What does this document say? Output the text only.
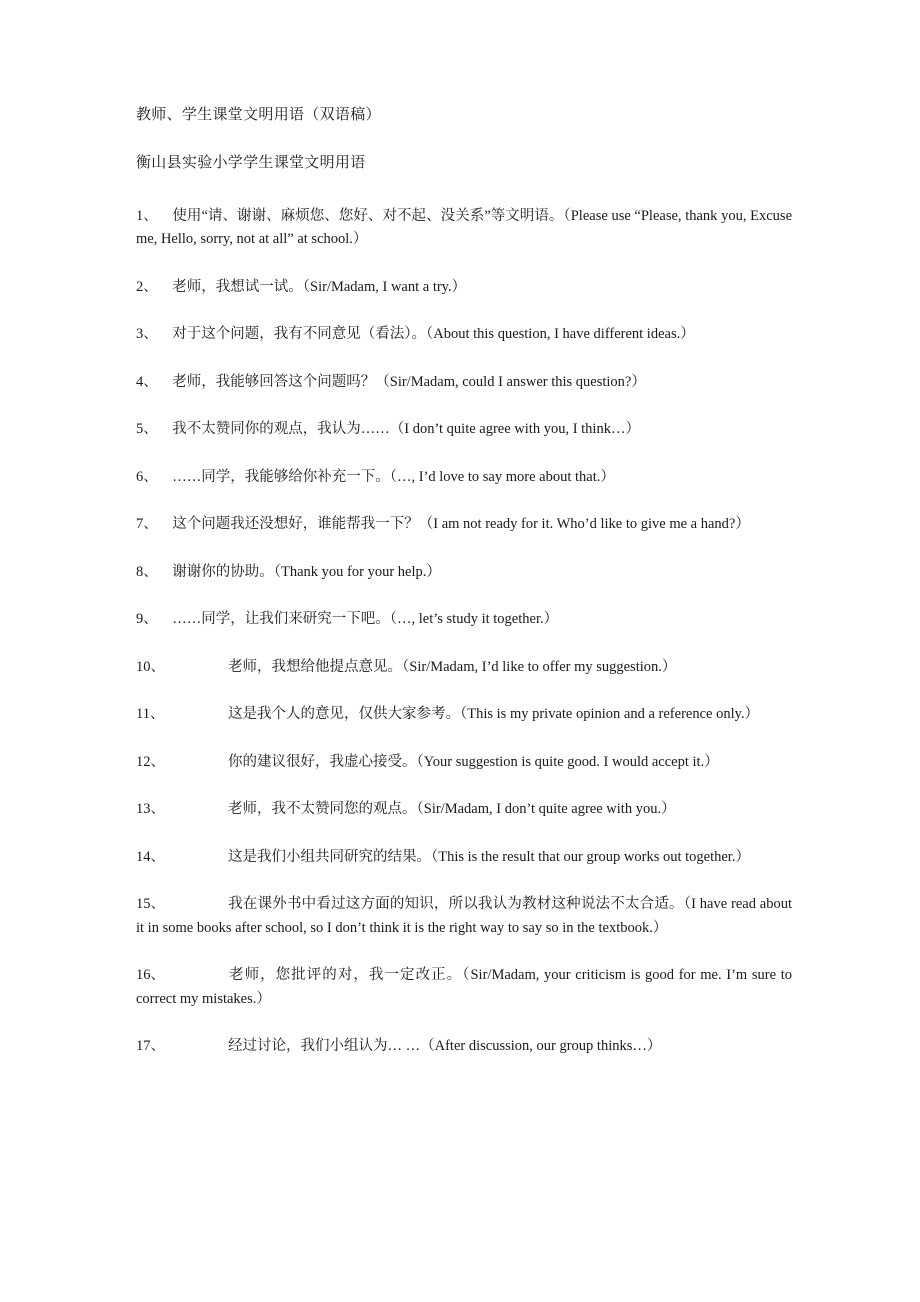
教师、学生课堂文明用语（双语稿）

衡山县实验小学学生课堂文明用语

1、  使用“请、谢谢、麻烦您、您好、对不起、没关系”等文明语。（Please use “Please, thank you, Excuse me, Hello, sorry, not at all” at school.）
2、  老师，我想试一试。（Sir/Madam, I want a try.）
3、  对于这个问题，我有不同意见（看法）。（About this question, I have different ideas.）
4、  老师，我能够回答这个问题吗？（Sir/Madam, could I answer this question?）
5、  我不太赞同你的观点，我认为……（I don’t quite agree with you, I think…）
6、  ……同学，我能够给你补充一下。（…, I’d love to say more about that.）
7、  这个问题我还没想好，谁能帮我一下？（I am not ready for it. Who’d like to give me a hand?）
8、  谢谢你的协助。（Thank you for your help.）
9、  ……同学，让我们来研究一下吧。（…, let’s study it together.）
10、	老师，我想给他提点意见。（Sir/Madam, I’d like to offer my suggestion.）
11、	这是我个人的意见，仅供大家参考。（This is my private opinion and a reference only.）
12、	你的建议很好，我虚心接受。（Your suggestion is quite good. I would accept it.）
13、	老师，我不太赞同您的观点。（Sir/Madam, I don’t quite agree with you.）
14、	这是我们小组共同研究的结果。（This is the result that our group works out together.）
15、	我在课外书中看过这方面的知识，所以我认为教材这种说法不太合适。（I have read about it in some books after school, so I don’t think it is the right way to say so in the textbook.）
16、	老师，您批评的对，我一定改正。（Sir/Madam, your criticism is good for me. I’m sure to correct my mistakes.）
17、	经过讨论，我们小组认为… …（After discussion, our group thinks…）
